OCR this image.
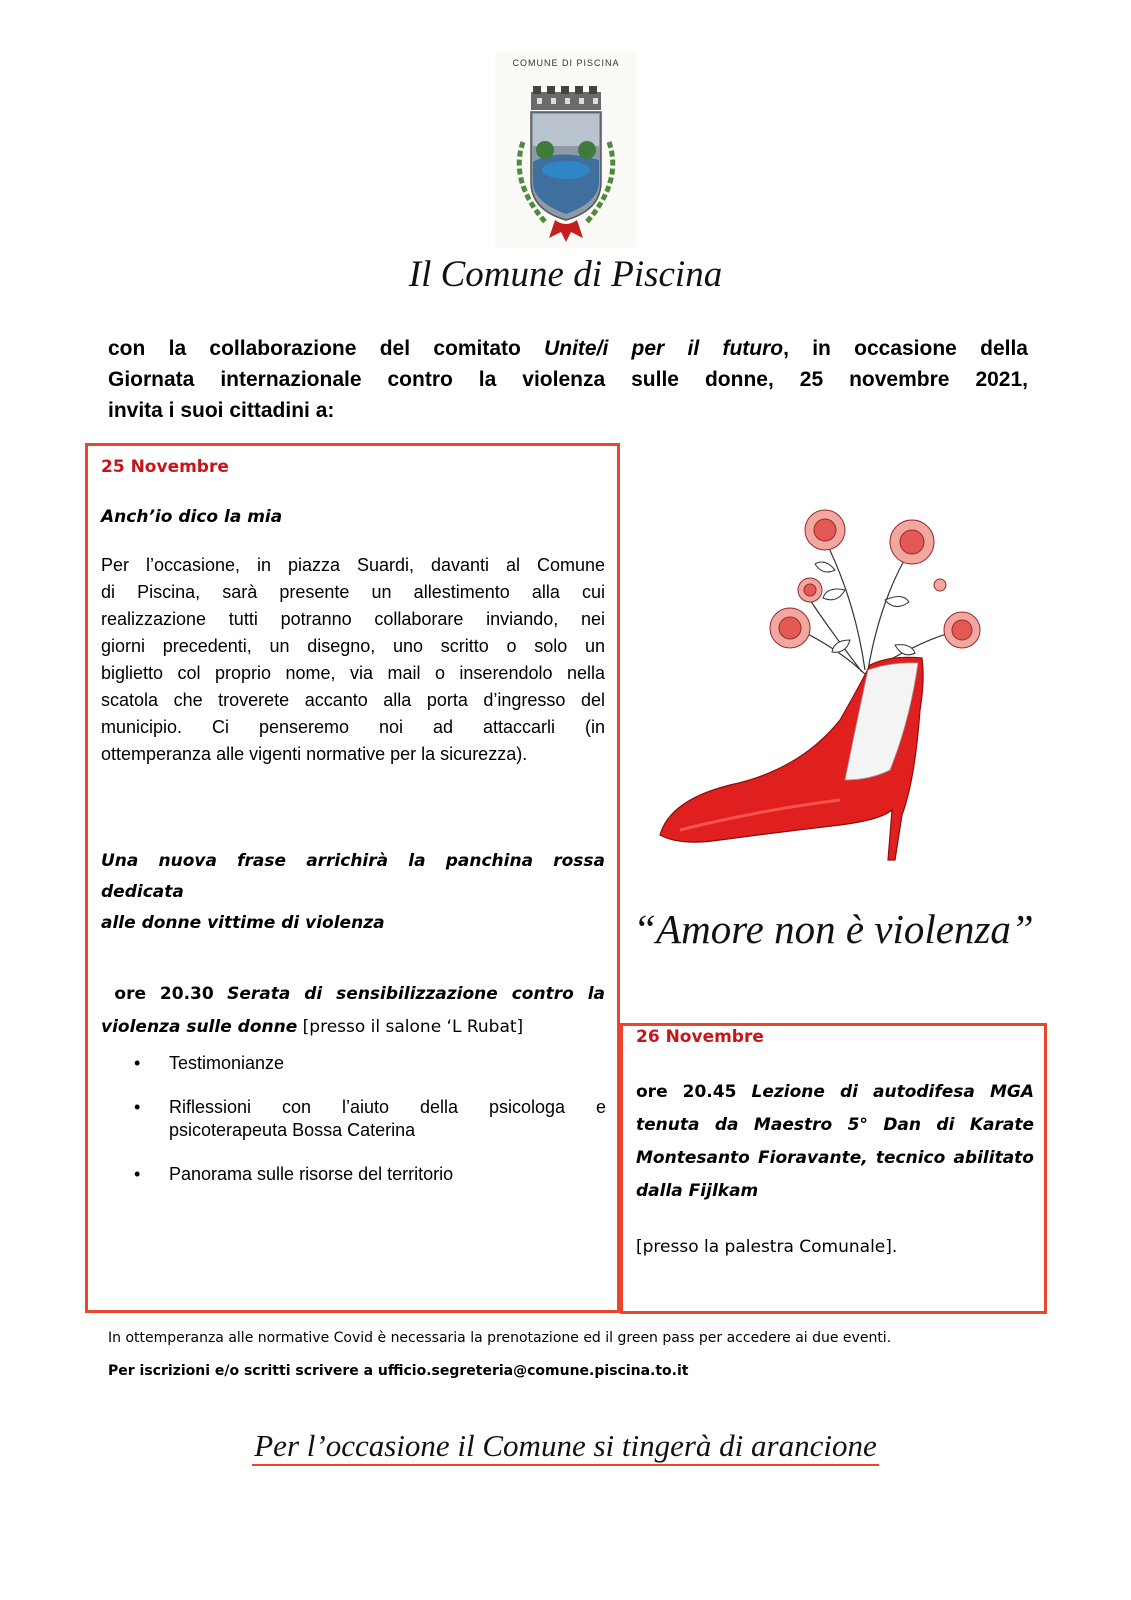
COMUNE DI PISCINA
Il Comune di Piscina
con la collaborazione del comitato Unite/i per il futuro, in occasione della
Giornata internazionale contro la violenza sulle donne, 25 novembre 2021,
invita i suoi cittadini a:
25 Novembre
Anch’io dico la mia
Per l’occasione, in piazza Suardi, davanti al Comune
di Piscina, sarà presente un allestimento alla cui
realizzazione tutti potranno collaborare inviando, nei
giorni precedenti, un disegno, uno scritto o solo un
biglietto col proprio nome, via mail o inserendolo nella
scatola che troverete accanto alla porta d’ingresso del
municipio. Ci penseremo noi ad attaccarli (in
ottemperanza alle vigenti normative per la sicurezza).
Una nuova frase arrichirà la panchina rossa dedicata
alle donne vittime di violenza
ore 20.30 Serata di sensibilizzazione contro la
violenza sulle donne [presso il salone ‘L Rubat]
• Testimonianze
• Riflessioni con l’aiuto della psicologa e
psicoterapeuta Bossa Caterina
• Panorama sulle risorse del territorio
“Amore non è violenza”
26 Novembre
ore 20.45 Lezione di autodifesa MGA
tenuta da Maestro 5° Dan di Karate
Montesanto Fioravante, tecnico abilitato
dalla Fijlkam
[presso la palestra Comunale].
In ottemperanza alle normative Covid è necessaria la prenotazione ed il green pass per accedere ai due eventi.
Per iscrizioni e/o scritti scrivere a ufficio.segreteria@comune.piscina.to.it
Per l’occasione il Comune si tingerà di arancione
